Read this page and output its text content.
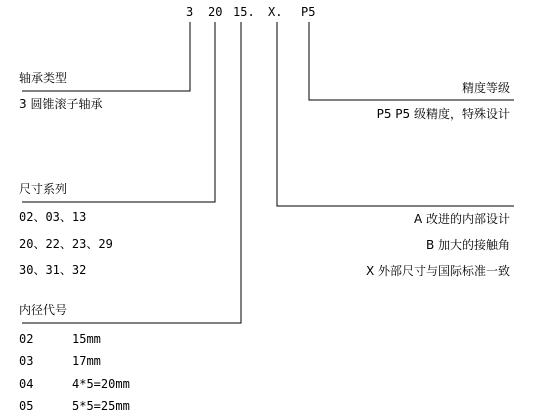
3 20 15. X. P5
轴承类型
3 圆锥滚子轴承
尺寸系列
02、03、13
20、22、23、29
30、31、32
内径代号
02	15mm
03	17mm
04	4*5=20mm
05	5*5=25mm
精度等级
P5 P5 级精度，特殊设计
A 改进的内部设计
B 加大的接触角
X 外部尺寸与国际标准一致
